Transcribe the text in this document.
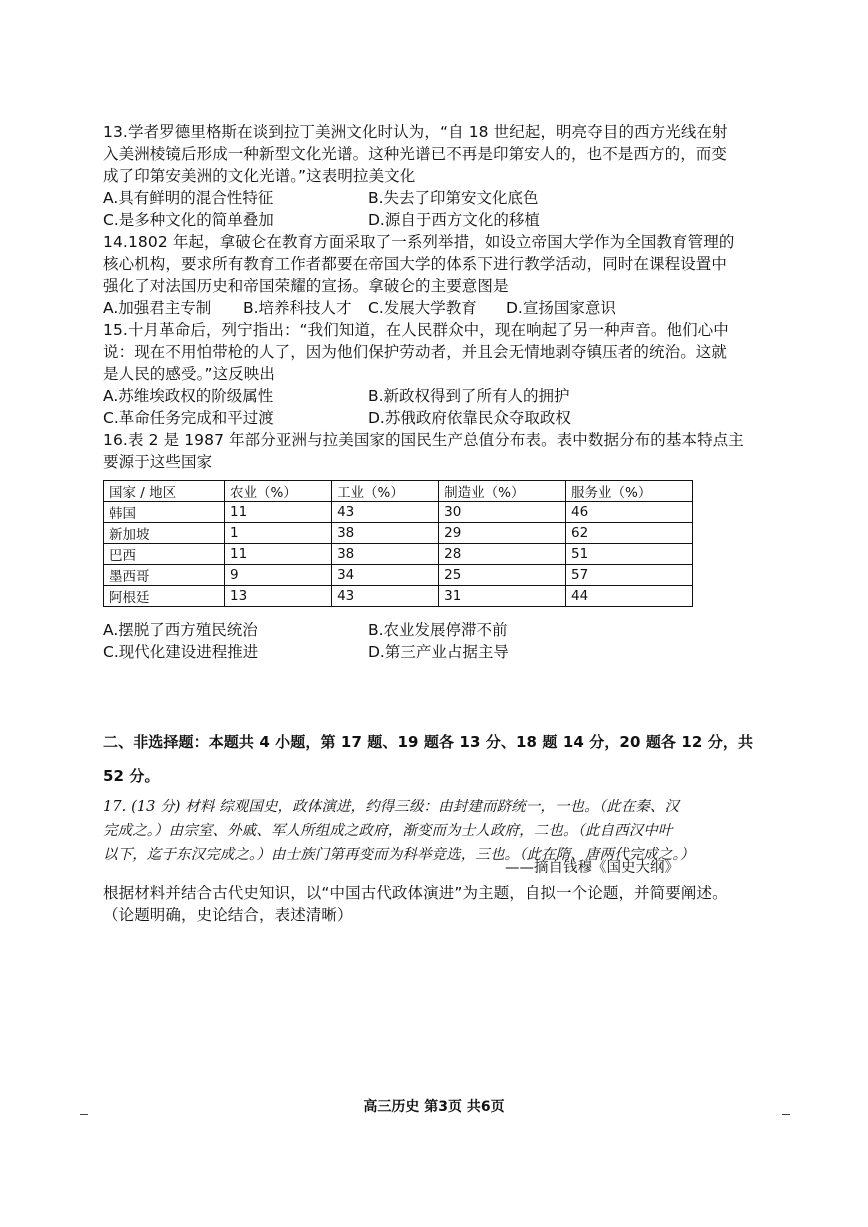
13.学者罗德里格斯在谈到拉丁美洲文化时认为，“自 18 世纪起，明亮夺目的西方光线在射
入美洲棱镜后形成一种新型文化光谱。这种光谱已不再是印第安人的，也不是西方的，而变
成了印第安美洲的文化光谱。”这表明拉美文化
A.具有鲜明的混合性特征	B.失去了印第安文化底色
C.是多种文化的简单叠加	D.源自于西方文化的移植
14.1802 年起，拿破仑在教育方面采取了一系列举措，如设立帝国大学作为全国教育管理的
核心机构，要求所有教育工作者都要在帝国大学的体系下进行教学活动，同时在课程设置中
强化了对法国历史和帝国荣耀的宣扬。拿破仑的主要意图是
A.加强君主专制 B.培养科技人才 C.发展大学教育 D.宣扬国家意识
15.十月革命后，列宁指出：“我们知道，在人民群众中，现在响起了另一种声音。他们心中
说：现在不用怕带枪的人了，因为他们保护劳动者，并且会无情地剥夺镇压者的统治。这就
是人民的感受。”这反映出
A.苏维埃政权的阶级属性	B.新政权得到了所有人的拥护
C.革命任务完成和平过渡	D.苏俄政府依靠民众夺取政权
16.表 2 是 1987 年部分亚洲与拉美国家的国民生产总值分布表。表中数据分布的基本特点主
要源于这些国家
国家 / 地区	农业（%）	工业（%）	制造业（%）	服务业（%）
韩国	11	43	30	46
新加坡	1	38	29	62
巴西	11	38	28	51
墨西哥	9	34	25	57
阿根廷	13	43	31	44
A.摆脱了西方殖民统治	B.农业发展停滞不前
C.现代化建设进程推进	D.第三产业占据主导
二、非选择题：本题共 4 小题，第 17 题、19 题各 13 分、18 题 14 分，20 题各 12 分，共
52 分。
17. (13 分) 材料 综观国史，政体演进，约得三级：由封建而跻统一，一也。（此在秦、汉
完成之。）由宗室、外戚、军人所组成之政府，渐变而为士人政府，二也。（此自西汉中叶
以下，迄于东汉完成之。）由士族门第再变而为科举竞选，三也。（此在隋、唐两代完成之。）
——摘自钱穆《国史大纲》
根据材料并结合古代史知识，以“中国古代政体演进”为主题，自拟一个论题，并简要阐述。
（论题明确，史论结合，表述清晰）
高三历史 第3页 共6页
